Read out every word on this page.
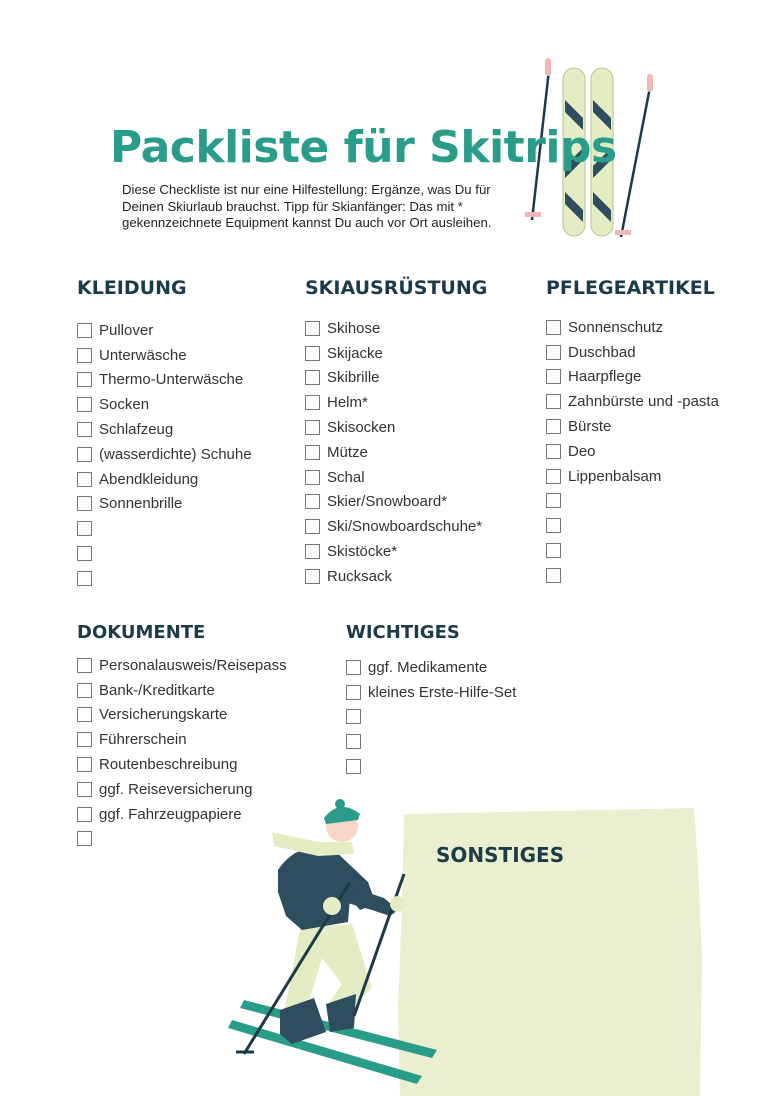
Packliste für Skitrips
Diese Checkliste ist nur eine Hilfestellung: Ergänze, was Du für Deinen Skiurlaub brauchst. Tipp für Skianfänger: Das mit * gekennzeichnete Equipment kannst Du auch vor Ort ausleihen.
KLEIDUNG
Pullover
Unterwäsche
Thermo-Unterwäsche
Socken
Schlafzeug
(wasserdichte) Schuhe
Abendkleidung
Sonnenbrille
SKIAUSRÜSTUNG
Skihose
Skijacke
Skibrille
Helm*
Skisocken
Mütze
Schal
Skier/Snowboard*
Ski/Snowboardschuhe*
Skistöcke*
Rucksack
PFLEGEARTIKEL
Sonnenschutz
Duschbad
Haarpflege
Zahnbürste und -pasta
Bürste
Deo
Lippenbalsam
DOKUMENTE
Personalausweis/Reisepass
Bank-/Kreditkarte
Versicherungskarte
Führerschein
Routenbeschreibung
ggf. Reiseversicherung
ggf. Fahrzeugpapiere
WICHTIGES
ggf. Medikamente
kleines Erste-Hilfe-Set
SONSTIGES
